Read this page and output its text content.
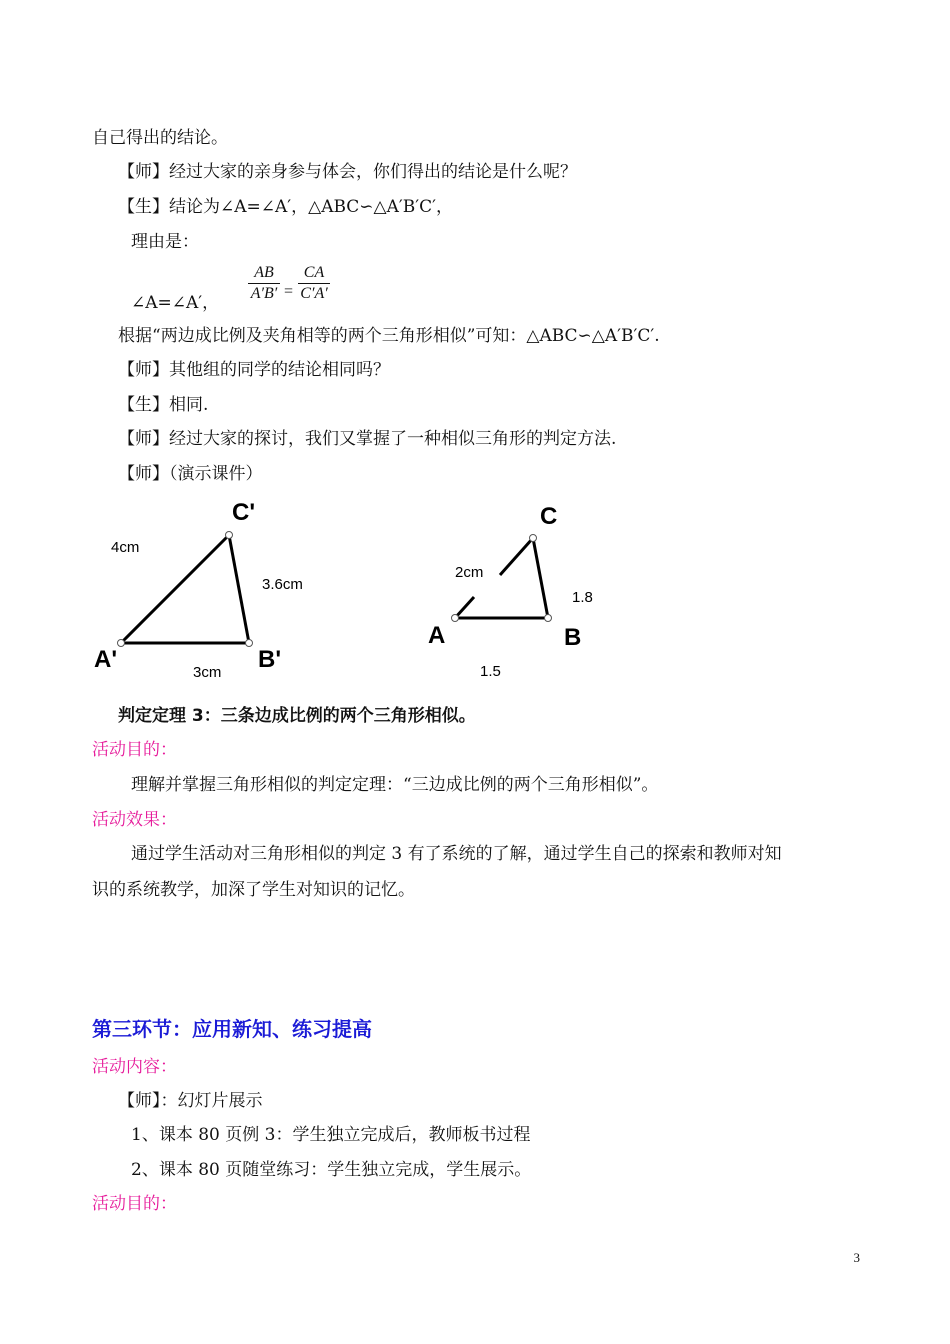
自己得出的结论。
【师】经过大家的亲身参与体会，你们得出的结论是什么呢？
【生】结论为∠A=∠A′，△ABC∽△A′B′C′，
理由是：
∠A=∠A′，
AB
A′B′ =
CA
C′A′
根据“两边成比例及夹角相等的两个三角形相似”可知：△ABC∽△A′B′C′.
【师】其他组的同学的结论相同吗？
【生】相同.
【师】经过大家的探讨，我们又掌握了一种相似三角形的判定方法.
【师】（演示课件）
C'
A'	B'
4cm
3.6cm
3cm
C
A	B
2cm
1.8
1.5
判定定理 3：三条边成比例的两个三角形相似。
活动目的：
理解并掌握三角形相似的判定定理：“三边成比例的两个三角形相似”。
活动效果：
通过学生活动对三角形相似的判定 3 有了系统的了解，通过学生自己的探索和教师对知
识的系统教学，加深了学生对知识的记忆。
第三环节：应用新知、练习提高
活动内容：
【师】：幻灯片展示
1、课本 80 页例 3：学生独立完成后，教师板书过程
2、课本 80 页随堂练习：学生独立完成，学生展示。
活动目的：
3
